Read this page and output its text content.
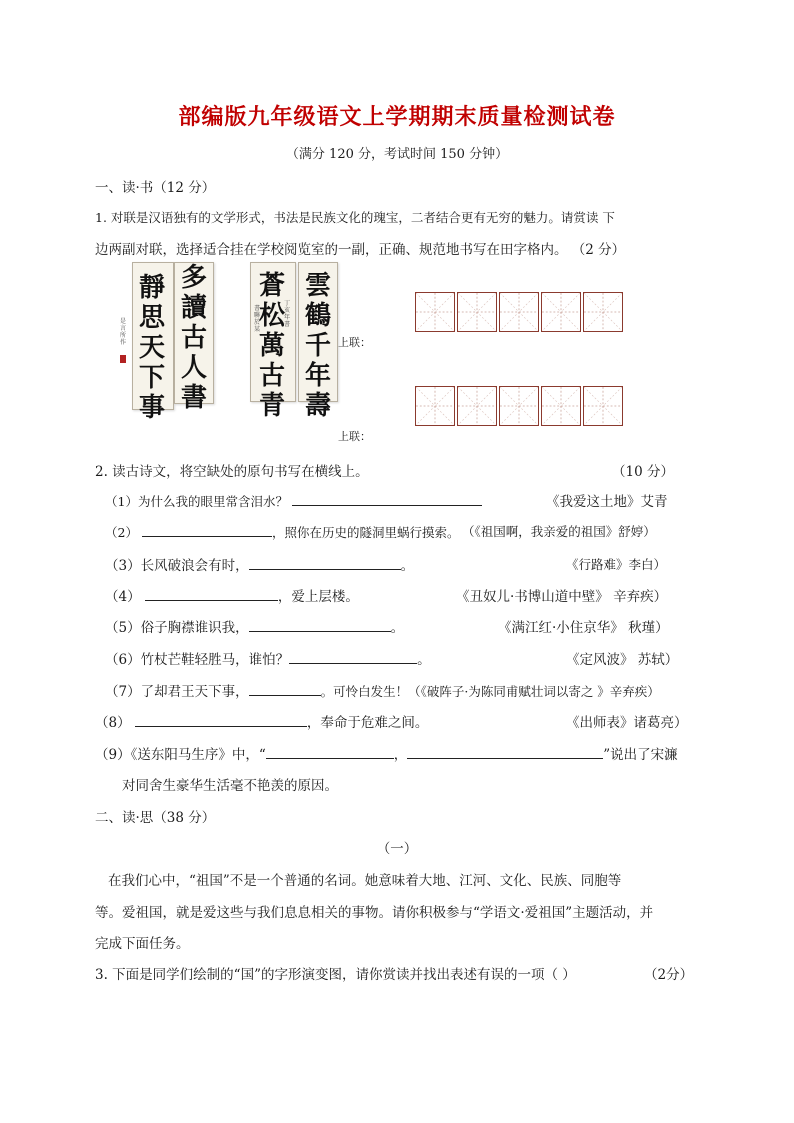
部编版九年级语文上学期期末质量检测试卷
（满分 120 分，考试时间 150 分钟）
一、读·书（12 分）
1. 对联是汉语独有的文学形式，书法是民族文化的瑰宝，二者结合更有无穷的魅力。请赏读 下
边两副对联，选择适合挂在学校阅览室的一副，正确、规范地书写在田字格内。 （2 分）
靜思天下事
多讀古人書
是言所作
蒼松萬古青
雲鶴千年壽
丁亥年書
書聯於某
上联：
上联：
2. 读古诗文，将空缺处的原句书写在横线上。	（10 分）
（1）为什么我的眼里常含泪水？	《我爱这土地》艾青
（2）	，照你在历史的隧洞里蜗行摸索。 （《祖国啊，我亲爱的祖国》舒婷）
（3）长风破浪会有时，	。	《行路难》李白）
（4）	，爱上层楼。	《丑奴儿·书博山道中壁》 辛弃疾）
（5）俗子胸襟谁识我，	。	《满江红·小住京华》 秋瑾）
（6）竹杖芒鞋轻胜马，谁怕？	。	《定风波》 苏轼）
（7）了却君王天下事，	。可怜白发生！（《破阵子·为陈同甫赋壮词以寄之 》辛弃疾）
（8）	，奉命于危难之间。	《出师表》诸葛亮）
（9）《送东阳马生序》中，“	，	”说出了宋濂
对同舍生豪华生活毫不艳羡的原因。
二、读·思（38 分）
（一）
在我们心中，“祖国”不是一个普通的名词。她意味着大地、江河、文化、民族、同胞等
等。爱祖国，就是爱这些与我们息息相关的事物。请你积极参与“学语文·爱祖国”主题活动，并
完成下面任务。
3. 下面是同学们绘制的“国”的字形演变图，请你赏读并找出表述有误的一项（ ）	（2分）
